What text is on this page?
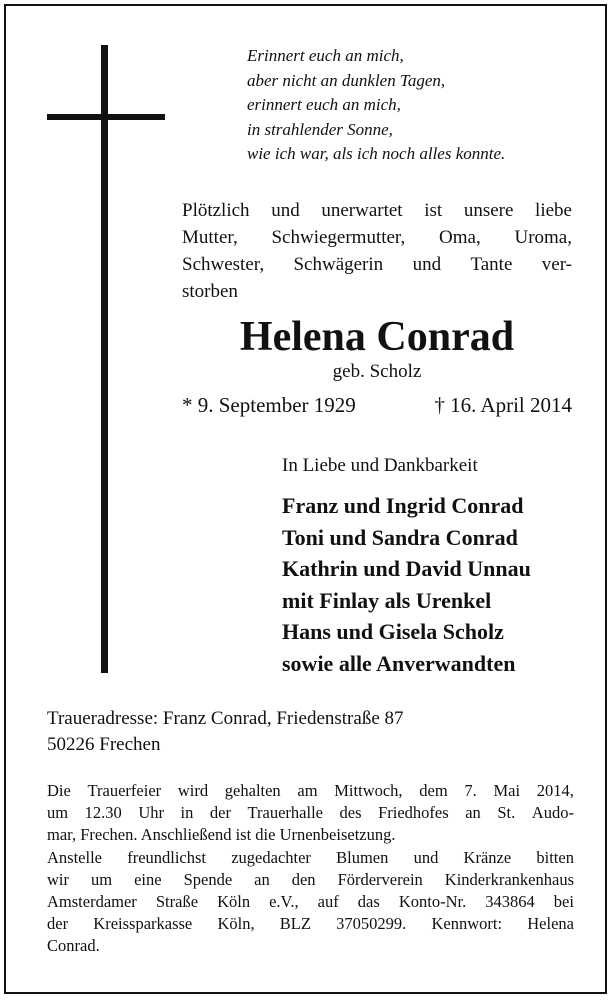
Erinnert euch an mich,
aber nicht an dunklen Tagen,
erinnert euch an mich,
in strahlender Sonne,
wie ich war, als ich noch alles konnte.
Plötzlich und unerwartet ist unsere liebe
Mutter, Schwiegermutter, Oma, Uroma,
Schwester, Schwägerin und Tante ver-
storben
Helena Conrad
geb. Scholz
* 9. September 1929	† 16. April 2014
In Liebe und Dankbarkeit
Franz und Ingrid Conrad
Toni und Sandra Conrad
Kathrin und David Unnau
mit Finlay als Urenkel
Hans und Gisela Scholz
sowie alle Anverwandten
Traueradresse: Franz Conrad, Friedenstraße 87
50226 Frechen
Die Trauerfeier wird gehalten am Mittwoch, dem 7. Mai 2014,
um 12.30 Uhr in der Trauerhalle des Friedhofes an St. Audo-
mar, Frechen. Anschließend ist die Urnenbeisetzung.
Anstelle freundlichst zugedachter Blumen und Kränze bitten
wir um eine Spende an den Förderverein Kinderkrankenhaus
Amsterdamer Straße Köln e.V., auf das Konto-Nr. 343864 bei
der Kreissparkasse Köln, BLZ 37050299. Kennwort: Helena
Conrad.
